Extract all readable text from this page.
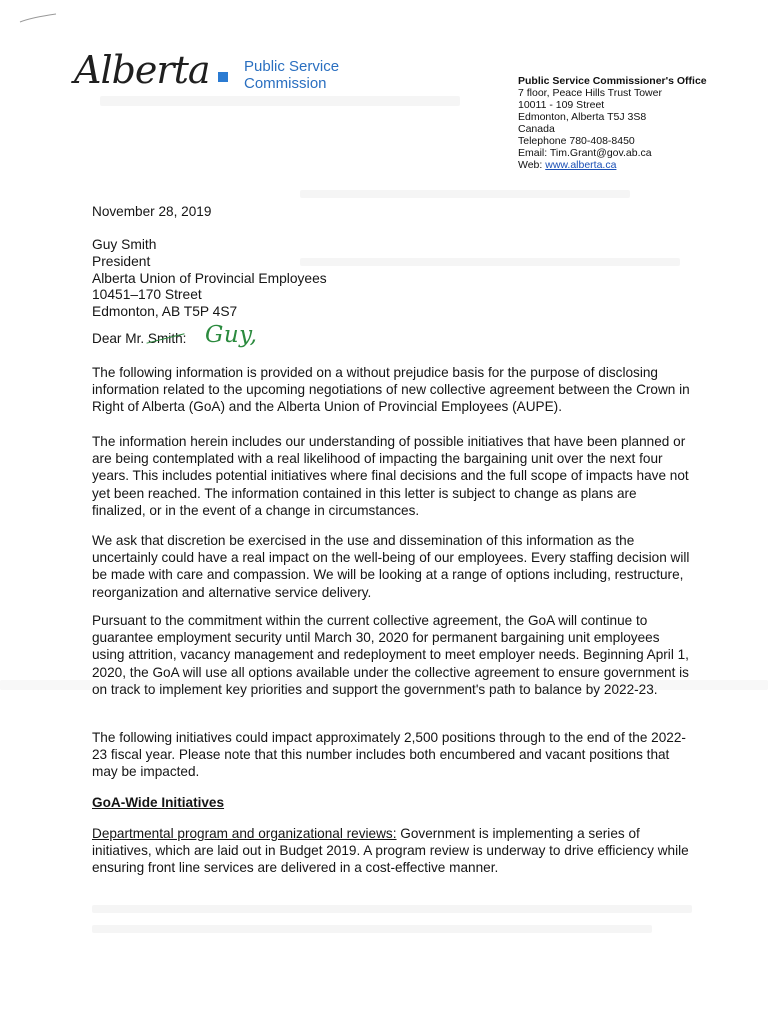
Alberta Public Service
Commission	Public Service Commissioner's Office
7 floor, Peace Hills Trust Tower
10011 - 109 Street
Edmonton, Alberta T5J 3S8
Canada
Telephone 780-408-8450
Email: Tim.Grant@gov.ab.ca
Web: www.alberta.ca
November 28, 2019
Guy Smith
President
Alberta Union of Provincial Employees
10451–170 Street
Edmonton, AB T5P 4S7
Dear Mr. Smith: Guy,
The following information is provided on a without prejudice basis for the purpose of disclosing information related to the upcoming negotiations of new collective agreement between the Crown in Right of Alberta (GoA) and the Alberta Union of Provincial Employees (AUPE).
The information herein includes our understanding of possible initiatives that have been planned or are being contemplated with a real likelihood of impacting the bargaining unit over the next four years. This includes potential initiatives where final decisions and the full scope of impacts have not yet been reached. The information contained in this letter is subject to change as plans are finalized, or in the event of a change in circumstances.
We ask that discretion be exercised in the use and dissemination of this information as the uncertainly could have a real impact on the well-being of our employees. Every staffing decision will be made with care and compassion. We will be looking at a range of options including, restructure, reorganization and alternative service delivery.
Pursuant to the commitment within the current collective agreement, the GoA will continue to guarantee employment security until March 30, 2020 for permanent bargaining unit employees using attrition, vacancy management and redeployment to meet employer needs. Beginning April 1, 2020, the GoA will use all options available under the collective agreement to ensure government is on track to implement key priorities and support the government's path to balance by 2022-23.
The following initiatives could impact approximately 2,500 positions through to the end of the 2022-23 fiscal year. Please note that this number includes both encumbered and vacant positions that may be impacted.
GoA-Wide Initiatives
Departmental program and organizational reviews: Government is implementing a series of initiatives, which are laid out in Budget 2019. A program review is underway to drive efficiency while ensuring front line services are delivered in a cost-effective manner.
